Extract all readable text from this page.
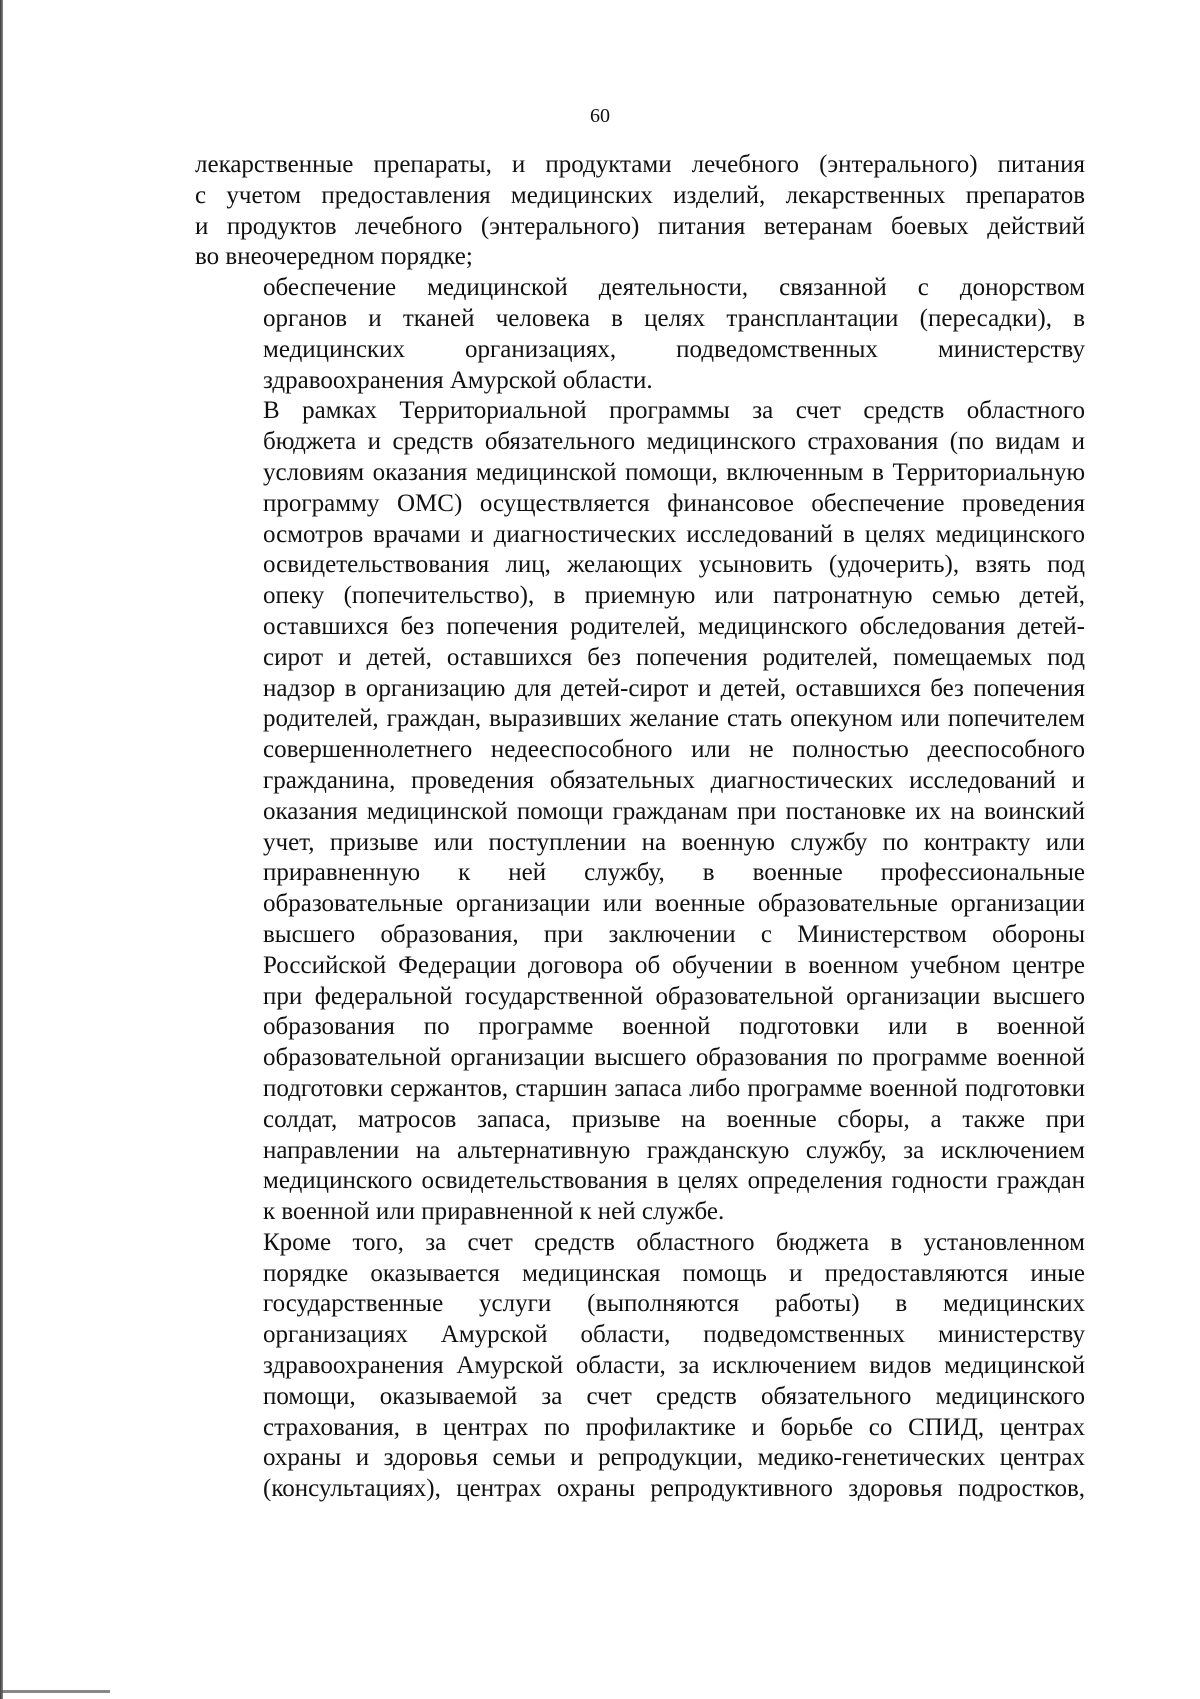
60
лекарственные препараты, и продуктами лечебного (энтерального) питания
с учетом предоставления медицинских изделий, лекарственных препаратов
и продуктов лечебного (энтерального) питания ветеранам боевых действий
во внеочередном порядке;
обеспечение медицинской деятельности, связанной с донорством
органов и тканей человека в целях трансплантации (пересадки), в
медицинских организациях, подведомственных министерству
здравоохранения Амурской области.
В рамках Территориальной программы за счет средств областного
бюджета и средств обязательного медицинского страхования (по видам и
условиям оказания медицинской помощи, включенным в Территориальную
программу ОМС) осуществляется финансовое обеспечение проведения
осмотров врачами и диагностических исследований в целях медицинского
освидетельствования лиц, желающих усыновить (удочерить), взять под
опеку (попечительство), в приемную или патронатную семью детей,
оставшихся без попечения родителей, медицинского обследования детей-
сирот и детей, оставшихся без попечения родителей, помещаемых под
надзор в организацию для детей-сирот и детей, оставшихся без попечения
родителей, граждан, выразивших желание стать опекуном или попечителем
совершеннолетнего недееспособного или не полностью дееспособного
гражданина, проведения обязательных диагностических исследований и
оказания медицинской помощи гражданам при постановке их на воинский
учет, призыве или поступлении на военную службу по контракту или
приравненную к ней службу, в военные профессиональные
образовательные организации или военные образовательные организации
высшего образования, при заключении с Министерством обороны
Российской Федерации договора об обучении в военном учебном центре
при федеральной государственной образовательной организации высшего
образования по программе военной подготовки или в военной
образовательной организации высшего образования по программе военной
подготовки сержантов, старшин запаса либо программе военной подготовки
солдат, матросов запаса, призыве на военные сборы, а также при
направлении на альтернативную гражданскую службу, за исключением
медицинского освидетельствования в целях определения годности граждан
к военной или приравненной к ней службе.
Кроме того, за счет средств областного бюджета в установленном
порядке оказывается медицинская помощь и предоставляются иные
государственные услуги (выполняются работы) в медицинских
организациях Амурской области, подведомственных министерству
здравоохранения Амурской области, за исключением видов медицинской
помощи, оказываемой за счет средств обязательного медицинского
страхования, в центрах по профилактике и борьбе со СПИД, центрах
охраны и здоровья семьи и репродукции, медико-генетических центрах
(консультациях), центрах охраны репродуктивного здоровья подростков,
